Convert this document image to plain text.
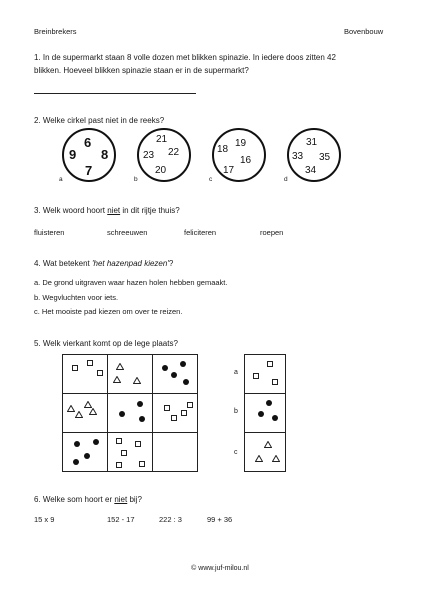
Breinbrekers	Bovenbouw
1. In de supermarkt staan 8 volle dozen met blikken spinazie. In iedere doos zitten 42
blikken. Hoeveel blikken spinazie staan er in de supermarkt?
2. Welke cirkel past niet in de reeks?
6
9 8
7
a
21
23 22
20
b
19
18
16
17
c
31
33 35
34
d
3. Welk woord hoort niet in dit rijtje thuis?
fluisteren	schreeuwen	feliciteren	roepen
4. Wat betekent 'het hazenpad kiezen'?
a. De grond uitgraven waar hazen holen hebben gemaakt.
b. Wegvluchten voor iets.
c. Het mooiste pad kiezen om over te reizen.
5. Welk vierkant komt op de lege plaats?
a
b
c
6. Welke som hoort er niet bij?
15 x 9	152 - 17	222 : 3	99 + 36
© www.juf-milou.nl
